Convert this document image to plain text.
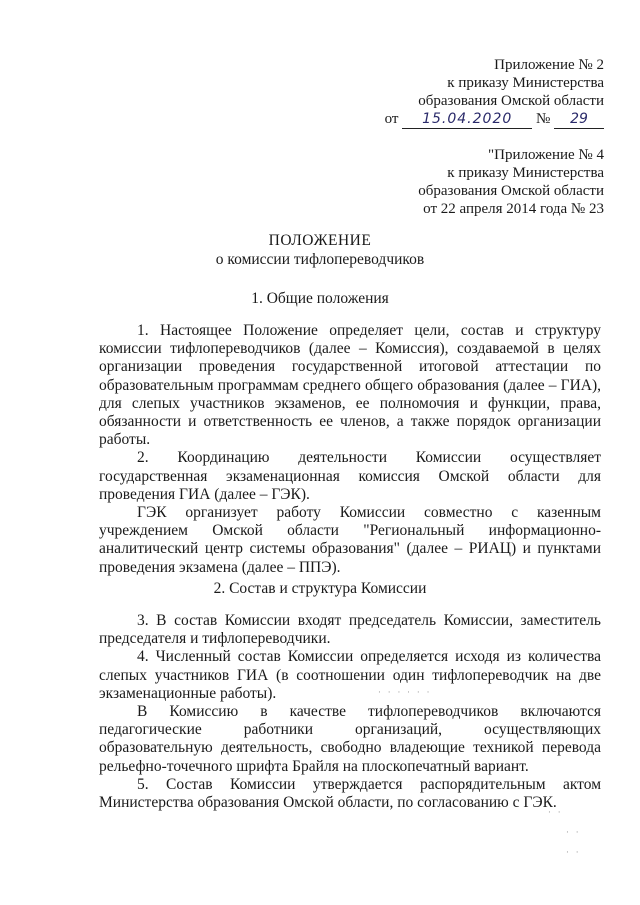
Приложение № 2
к приказу Министерства
образования Омской области
от 15.04.2020 № 29
"Приложение № 4
к приказу Министерства
образования Омской области
от 22 апреля 2014 года № 23
ПОЛОЖЕНИЕ
о комиссии тифлопереводчиков
1. Общие положения

1. Настоящее Положение определяет цели, состав и структуру комиссии тифлопереводчиков (далее – Комиссия), создаваемой в целях организации проведения государственной итоговой аттестации по образовательным программам среднего общего образования (далее – ГИА), для слепых участников экзаменов, ее полномочия и функции, права, обязанности и ответственность ее членов, а также порядок организации работы.

2. Координацию деятельности Комиссии осуществляет государственная экзаменационная комиссия Омской области для проведения ГИА (далее – ГЭК).

ГЭК организует работу Комиссии совместно с казенным учреждением Омской области "Региональный информационно-аналитический центр системы образования" (далее – РИАЦ) и пунктами проведения экзамена (далее – ППЭ).

2. Состав и структура Комиссии

3. В состав Комиссии входят председатель Комиссии, заместитель председателя и тифлопереводчики.

4. Численный состав Комиссии определяется исходя из количества слепых участников ГИА (в соотношении один тифлопереводчик на две экзаменационные работы).

В Комиссию в качестве тифлопереводчиков включаются педагогические работники организаций, осуществляющих образовательную деятельность, свободно владеющие техникой перевода рельефно-точечного шрифта Брайля на плоскопечатный вариант.

5. Состав Комиссии утверждается распорядительным актом Министерства образования Омской области, по согласованию с ГЭК.

· · · · · ·
· ·
· ·
· ·
